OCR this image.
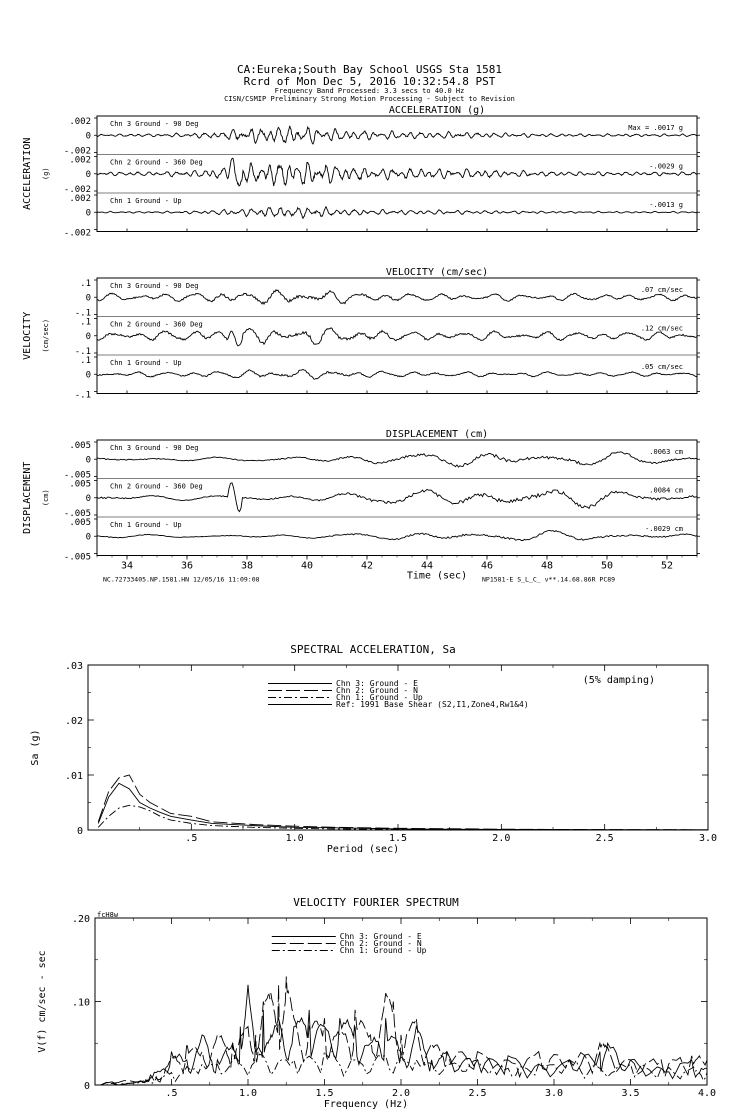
CA:Eureka;South Bay School USGS Sta 1581
Rcrd of Mon Dec 5, 2016 10:32:54.8 PST
Frequency Band Processed: 3.3 secs to 40.0 Hz
CISN/CSMIP Preliminary Strong Motion Processing - Subject to Revision
ACCELERATION (g)
ACCELERATION (g)
.002
0
-.002
Chn 3 Ground - 90 Deg	Max = .0017 g
.002
0
-.002
Chn 2 Ground - 360 Deg	-.0029 g
.002
0
-.002
Chn 1 Ground - Up	-.0013 g
VELOCITY (cm/sec)
VELOCITY (cm/sec)
.1
0
-.1
Chn 3 Ground - 90 Deg	.07 cm/sec
.1
0
-.1
Chn 2 Ground - 360 Deg	.12 cm/sec
.1
0
-.1
Chn 1 Ground - Up	.05 cm/sec
DISPLACEMENT (cm)
DISPLACEMENT (cm)
.005
0
-.005
Chn 3 Ground - 90 Deg	.0063 cm
.005
0
-.005
Chn 2 Ground - 360 Deg	.0084 cm
.005
0
-.005
Chn 1 Ground - Up	-.0029 cm
34	36	38	40	42	44	46	48	50	52
Time (sec)
NC.72733405.NP.1581.HN 12/05/16 11:09:08	NP1581-E S_L_C_ v**.14.68.86R PC89
SPECTRAL ACCELERATION, Sa
0
.01
.02
.03
.5	1.0	1.5	2.0	2.5	3.0
Period (sec)
Sa (g)
Chn 3: Ground - E
Chn 2: Ground - N
Chn 1: Ground - Up
Ref: 1991 Base Shear (S2,I1,Zone4,Rw1&4)
(5% damping)
VELOCITY FOURIER SPECTRUM
0
.10
.20
.5	1.0	1.5	2.0	2.5	3.0	3.5	4.0
Frequency (Hz)
V(f) cm/sec - sec
Chn 3: Ground - E
Chn 2: Ground - N
Chn 1: Ground - Up
fcH8w
